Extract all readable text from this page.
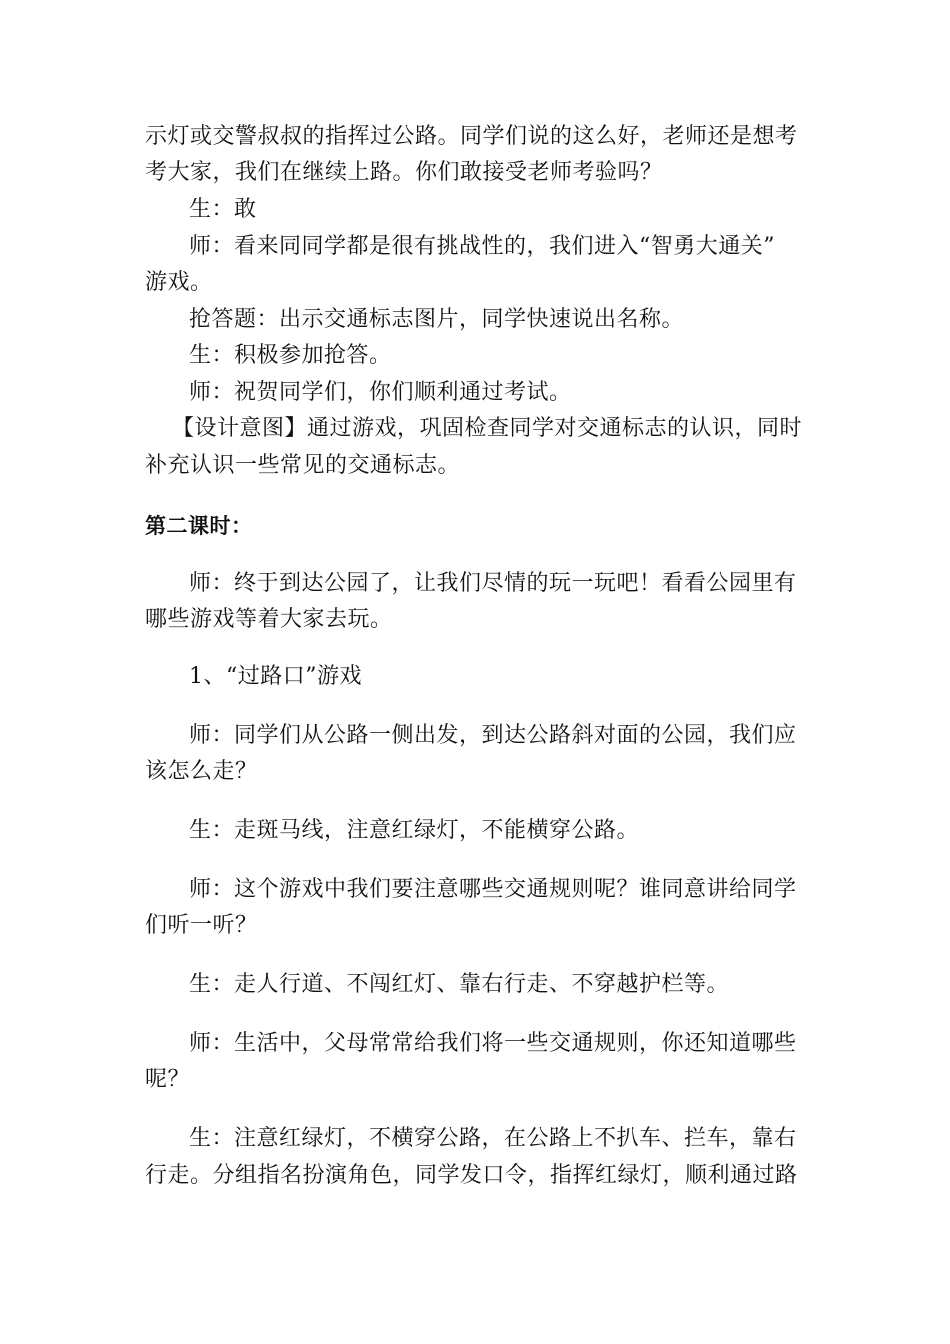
示灯或交警叔叔的指挥过公路。同学们说的这么好，老师还是想考
考大家，我们在继续上路。你们敢接受老师考验吗？
生：敢
师：看来同同学都是很有挑战性的，我们进入“智勇大通关”
游戏。
抢答题：出示交通标志图片，同学快速说出名称。
生：积极参加抢答。
师：祝贺同学们，你们顺利通过考试。
【设计意图】通过游戏，巩固检查同学对交通标志的认识，同时
补充认识一些常见的交通标志。
第二课时：
师：终于到达公园了，让我们尽情的玩一玩吧！看看公园里有
哪些游戏等着大家去玩。
1、“过路口”游戏
师：同学们从公路一侧出发，到达公路斜对面的公园，我们应
该怎么走？
生：走斑马线，注意红绿灯，不能横穿公路。
师：这个游戏中我们要注意哪些交通规则呢？谁同意讲给同学
们听一听？
生：走人行道、不闯红灯、靠右行走、不穿越护栏等。
师：生活中，父母常常给我们将一些交通规则，你还知道哪些
呢？
生：注意红绿灯，不横穿公路，在公路上不扒车、拦车，靠右
行走。分组指名扮演角色，同学发口令，指挥红绿灯，顺利通过路
